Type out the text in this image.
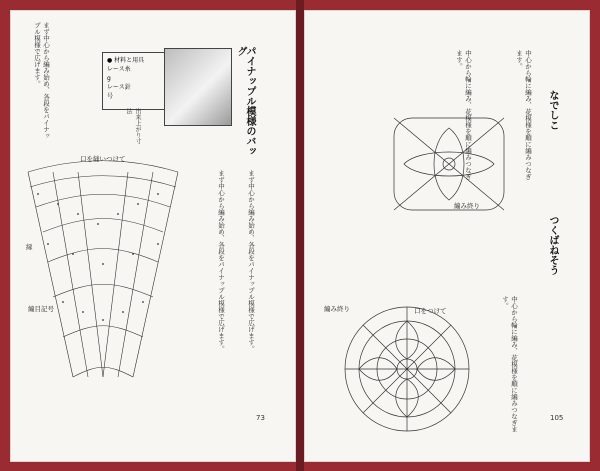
まず中心から編み始め、各段をパイナップル模様で広げます。	● 材料と用具
レース糸
g
レース針
号	パイナップル模様のバッグ
出来上がり寸法
口を縫いつけて
縁
編目記号	まず中心から編み始め、各段をパイナップル模様で広げます。	まず中心から編み始め、各段をパイナップル模様で広げます。
73
なでしこ
つくばねそう
編み終り
編み終り	口をつけて
中心から輪に編み、花模様を順に編みつなぎます。	中心から輪に編み、花模様を順に編みつなぎます。
中心から輪に編み、花模様を順に編みつなぎます。
105
